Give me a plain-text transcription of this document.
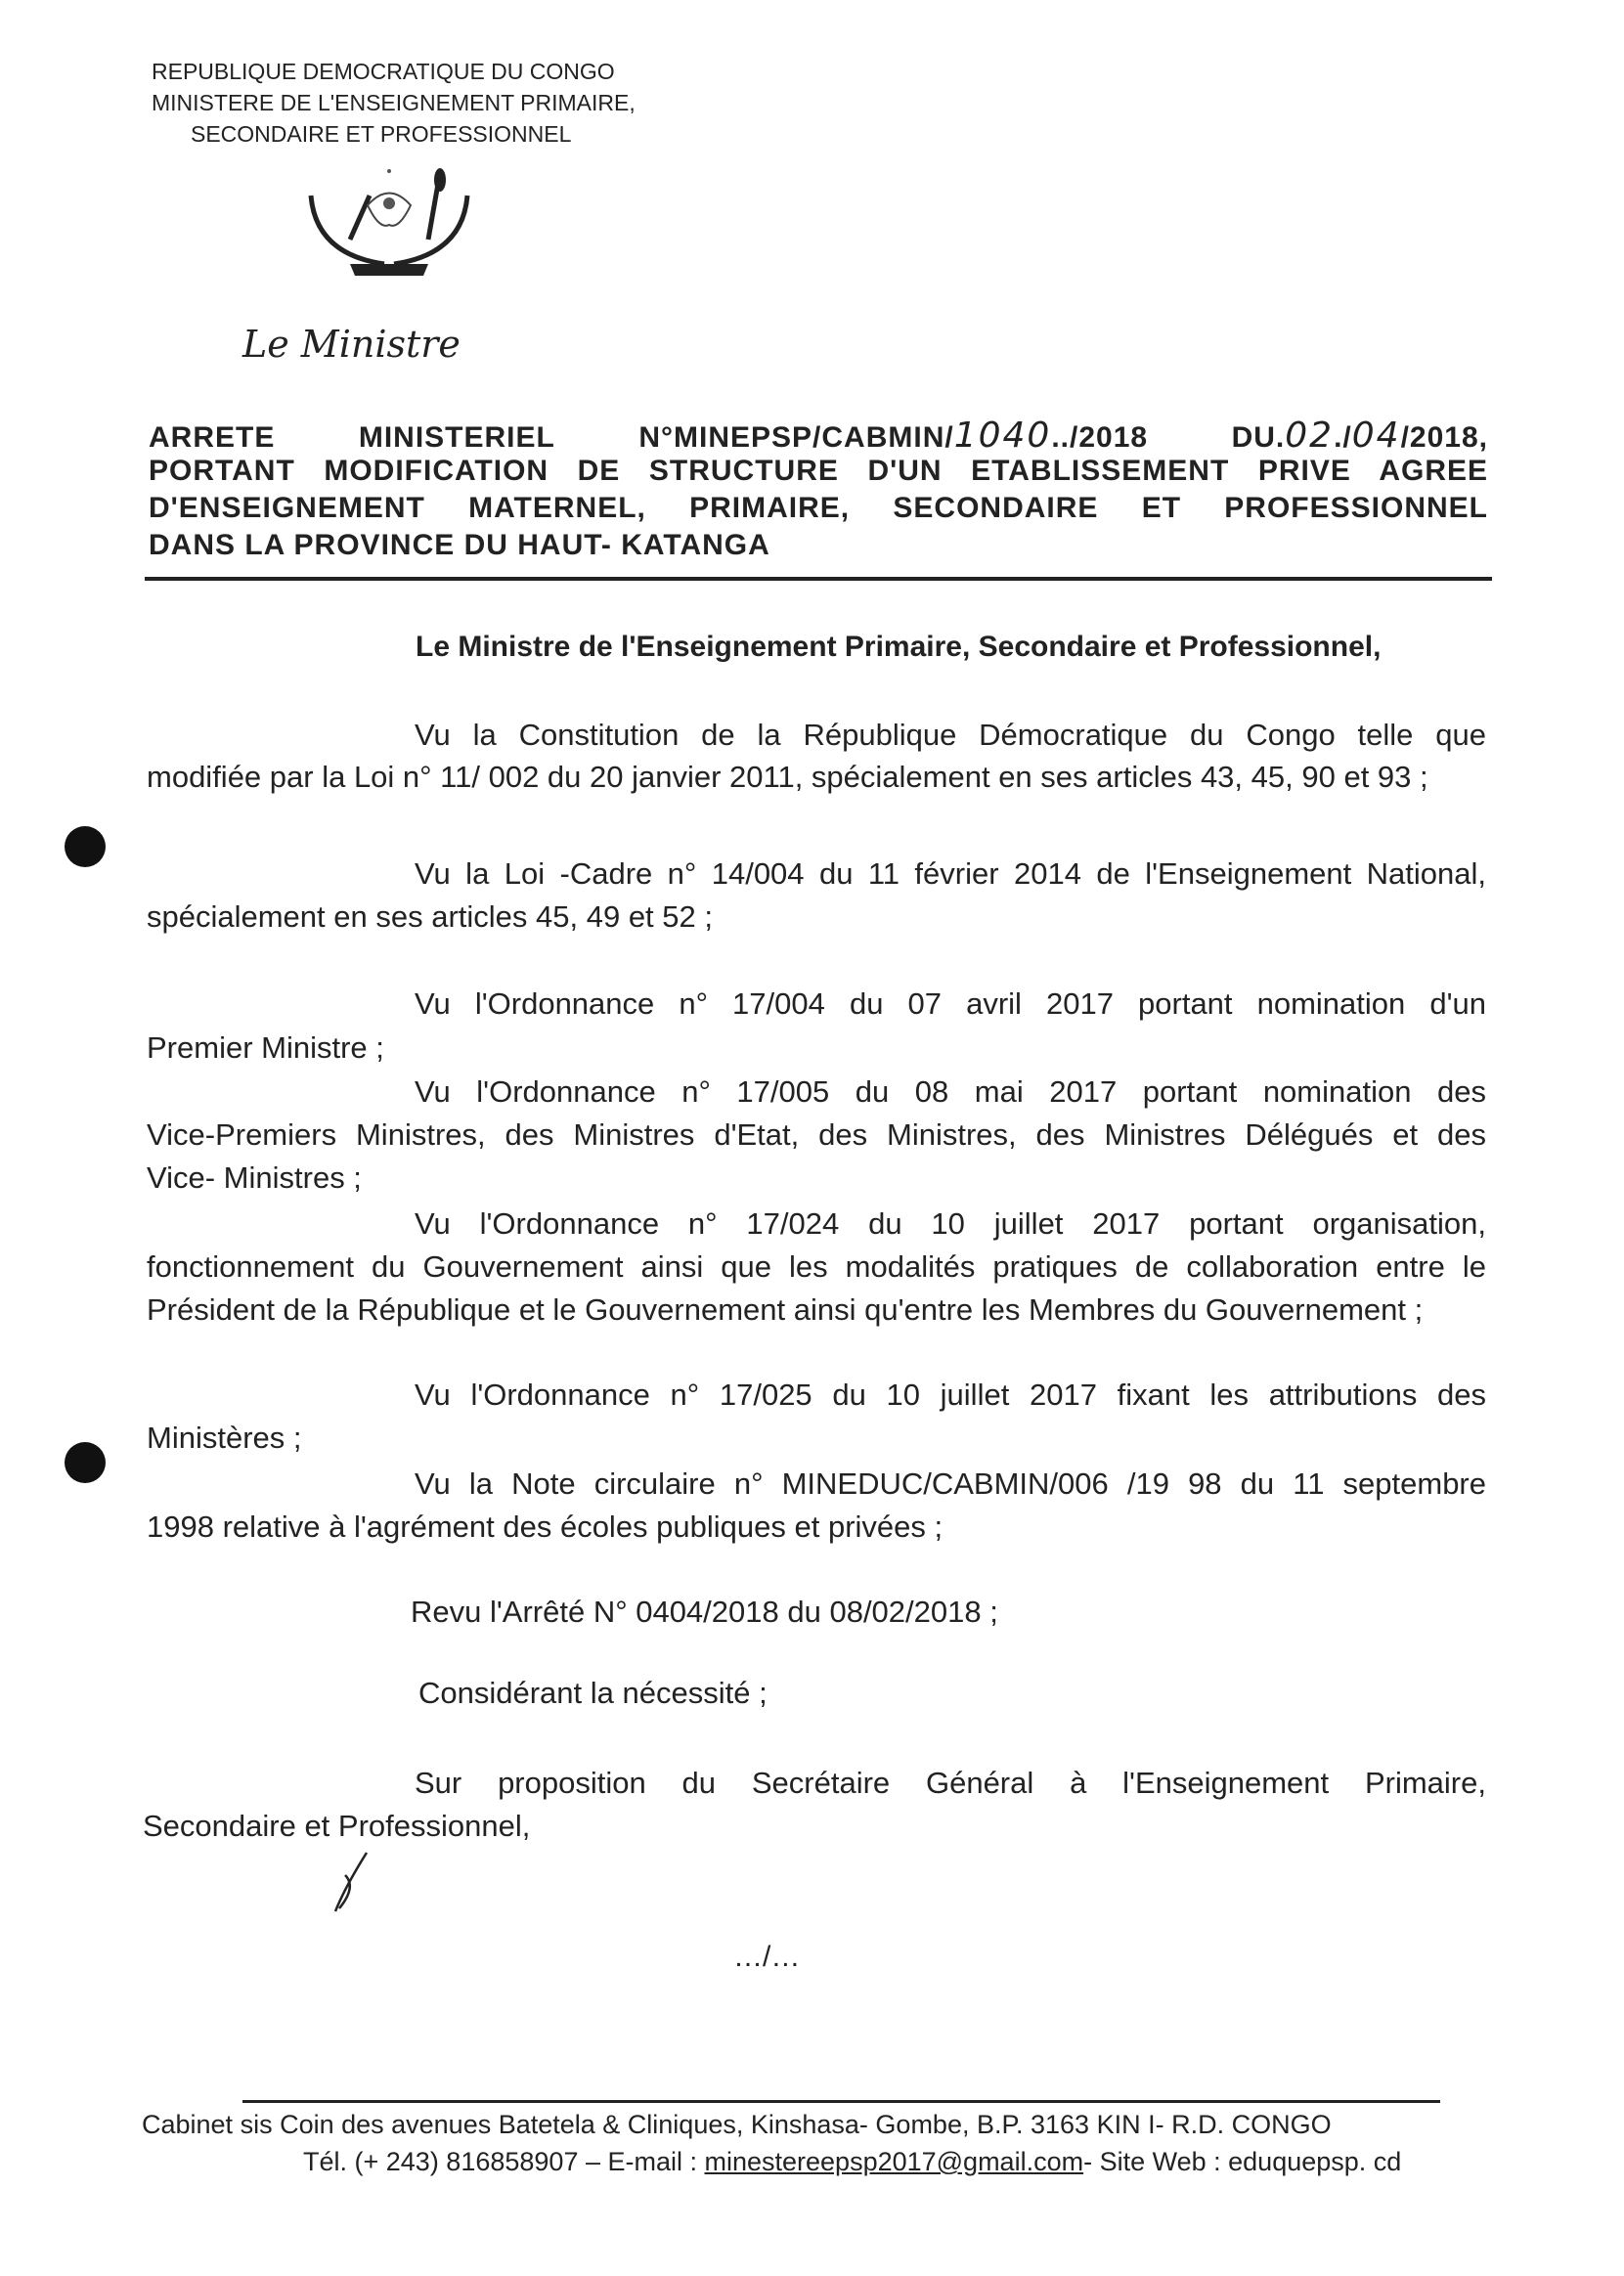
REPUBLIQUE DEMOCRATIQUE DU CONGO
MINISTERE DE L'ENSEIGNEMENT PRIMAIRE,
SECONDAIRE ET PROFESSIONNEL
Le Ministre
ARRETE	MINISTERIEL	N°MINEPSP/CABMIN/1040../2018	DU.02./04/2018,
PORTANT MODIFICATION DE STRUCTURE D'UN ETABLISSEMENT PRIVE AGREE
D'ENSEIGNEMENT MATERNEL, PRIMAIRE, SECONDAIRE ET PROFESSIONNEL
DANS LA PROVINCE DU HAUT- KATANGA
Le Ministre de l'Enseignement Primaire, Secondaire et Professionnel,
Vu la Constitution de la République Démocratique du Congo telle que
modifiée par la Loi n° 11/ 002 du 20 janvier 2011, spécialement en ses articles 43, 45, 90 et 93 ;
Vu la Loi -Cadre n° 14/004 du 11 février 2014 de l'Enseignement National,
spécialement en ses articles 45, 49 et 52 ;
Vu l'Ordonnance n° 17/004 du 07 avril 2017 portant nomination d'un
Premier Ministre ;
Vu l'Ordonnance n° 17/005 du 08 mai 2017 portant nomination des
Vice-Premiers Ministres, des Ministres d'Etat, des Ministres, des Ministres Délégués et des
Vice- Ministres ;
Vu l'Ordonnance n° 17/024 du 10 juillet 2017 portant organisation,
fonctionnement du Gouvernement ainsi que les modalités pratiques de collaboration entre le
Président de la République et le Gouvernement ainsi qu'entre les Membres du Gouvernement ;
Vu l'Ordonnance n° 17/025 du 10 juillet 2017 fixant les attributions des
Ministères ;
Vu la Note circulaire n° MINEDUC/CABMIN/006 /19 98 du 11 septembre
1998 relative à l'agrément des écoles publiques et privées ;
Revu l'Arrêté N° 0404/2018 du 08/02/2018 ;
Considérant la nécessité ;
Sur proposition du Secrétaire Général à l'Enseignement Primaire,
Secondaire et Professionnel,
…/…
Cabinet sis Coin des avenues Batetela & Cliniques, Kinshasa- Gombe, B.P. 3163 KIN I- R.D. CONGO
Tél. (+ 243) 816858907 – E-mail : minestereepsp2017@gmail.com- Site Web : eduquepsp. cd
